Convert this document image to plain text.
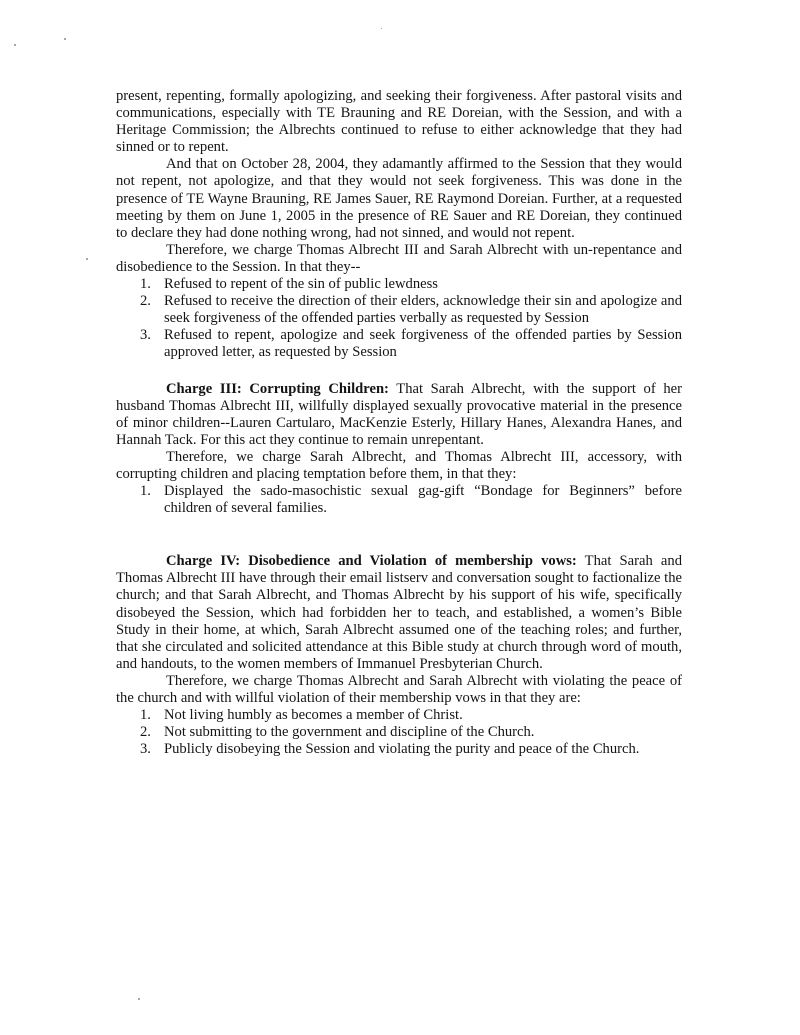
present, repenting, formally apologizing, and seeking their forgiveness. After pastoral visits and communications, especially with TE Brauning and RE Doreian, with the Session, and with a Heritage Commission; the Albrechts continued to refuse to either acknowledge that they had sinned or to repent.

And that on October 28, 2004, they adamantly affirmed to the Session that they would not repent, not apologize, and that they would not seek forgiveness. This was done in the presence of TE Wayne Brauning, RE James Sauer, RE Raymond Doreian. Further, at a requested meeting by them on June 1, 2005 in the presence of RE Sauer and RE Doreian, they continued to declare they had done nothing wrong, had not sinned, and would not repent.

Therefore, we charge Thomas Albrecht III and Sarah Albrecht with un-repentance and disobedience to the Session. In that they--

1. Refused to repent of the sin of public lewdness
2. Refused to receive the direction of their elders, acknowledge their sin and apologize and seek forgiveness of the offended parties verbally as requested by Session
3. Refused to repent, apologize and seek forgiveness of the offended parties by Session approved letter, as requested by Session

Charge III: Corrupting Children: That Sarah Albrecht, with the support of her husband Thomas Albrecht III, willfully displayed sexually provocative material in the presence of minor children--Lauren Cartularo, MacKenzie Esterly, Hillary Hanes, Alexandra Hanes, and Hannah Tack. For this act they continue to remain unrepentant.

Therefore, we charge Sarah Albrecht, and Thomas Albrecht III, accessory, with corrupting children and placing temptation before them, in that they:

1. Displayed the sado-masochistic sexual gag-gift “Bondage for Beginners” before children of several families.

Charge IV: Disobedience and Violation of membership vows: That Sarah and Thomas Albrecht III have through their email listserv and conversation sought to factionalize the church; and that Sarah Albrecht, and Thomas Albrecht by his support of his wife, specifically disobeyed the Session, which had forbidden her to teach, and established, a women’s Bible Study in their home, at which, Sarah Albrecht assumed one of the teaching roles; and further, that she circulated and solicited attendance at this Bible study at church through word of mouth, and handouts, to the women members of Immanuel Presbyterian Church.

Therefore, we charge Thomas Albrecht and Sarah Albrecht with violating the peace of the church and with willful violation of their membership vows in that they are:

1. Not living humbly as becomes a member of Christ.
2. Not submitting to the government and discipline of the Church.
3. Publicly disobeying the Session and violating the purity and peace of the Church.
